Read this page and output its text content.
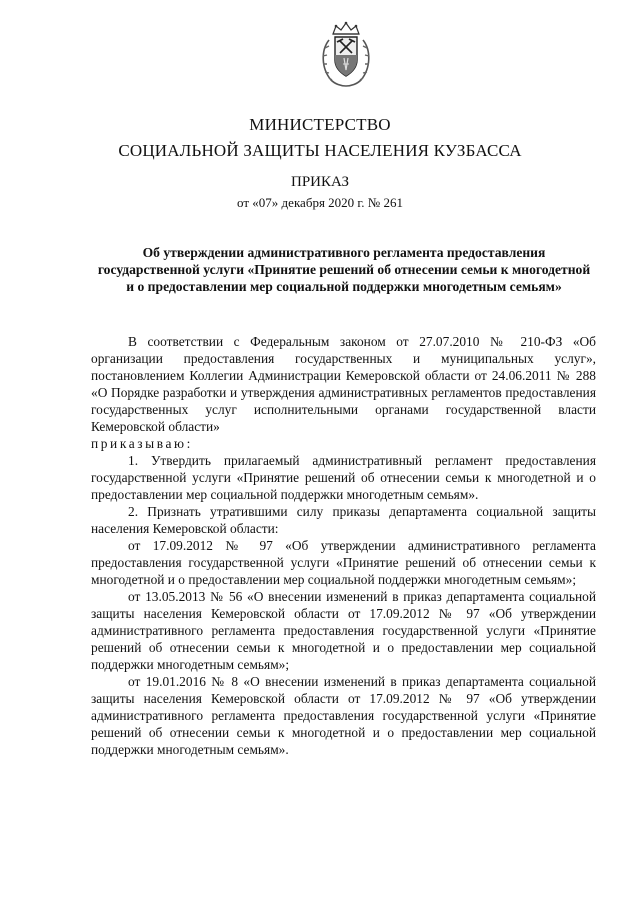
МИНИСТЕРСТВО
СОЦИАЛЬНОЙ ЗАЩИТЫ НАСЕЛЕНИЯ КУЗБАССА
ПРИКАЗ
от «07» декабря 2020 г. № 261
Об утверждении административного регламента предоставления государственной услуги «Принятие решений об отнесении семьи к многодетной и о предоставлении мер социальной поддержки многодетным семьям»

В соответствии с Федеральным законом от 27.07.2010 № 210-ФЗ «Об организации предоставления государственных и муниципальных услуг», постановлением Коллегии Администрации Кемеровской области от 24.06.2011 № 288 «О Порядке разработки и утверждения административных регламентов предоставления государственных услуг исполнительными органами государственной власти Кемеровской области»

приказываю:

1. Утвердить прилагаемый административный регламент предоставления государственной услуги «Принятие решений об отнесении семьи к многодетной и о предоставлении мер социальной поддержки многодетным семьям».

2. Признать утратившими силу приказы департамента социальной защиты населения Кемеровской области:

от 17.09.2012 № 97 «Об утверждении административного регламента предоставления государственной услуги «Принятие решений об отнесении семьи к многодетной и о предоставлении мер социальной поддержки многодетным семьям»;

от 13.05.2013 № 56 «О внесении изменений в приказ департамента социальной защиты населения Кемеровской области от 17.09.2012 № 97 «Об утверждении административного регламента предоставления государственной услуги «Принятие решений об отнесении семьи к многодетной и о предоставлении мер социальной поддержки многодетным семьям»;

от 19.01.2016 № 8 «О внесении изменений в приказ департамента социальной защиты населения Кемеровской области от 17.09.2012 № 97 «Об утверждении административного регламента предоставления государственной услуги «Принятие решений об отнесении семьи к многодетной и о предоставлении мер социальной поддержки многодетным семьям».
